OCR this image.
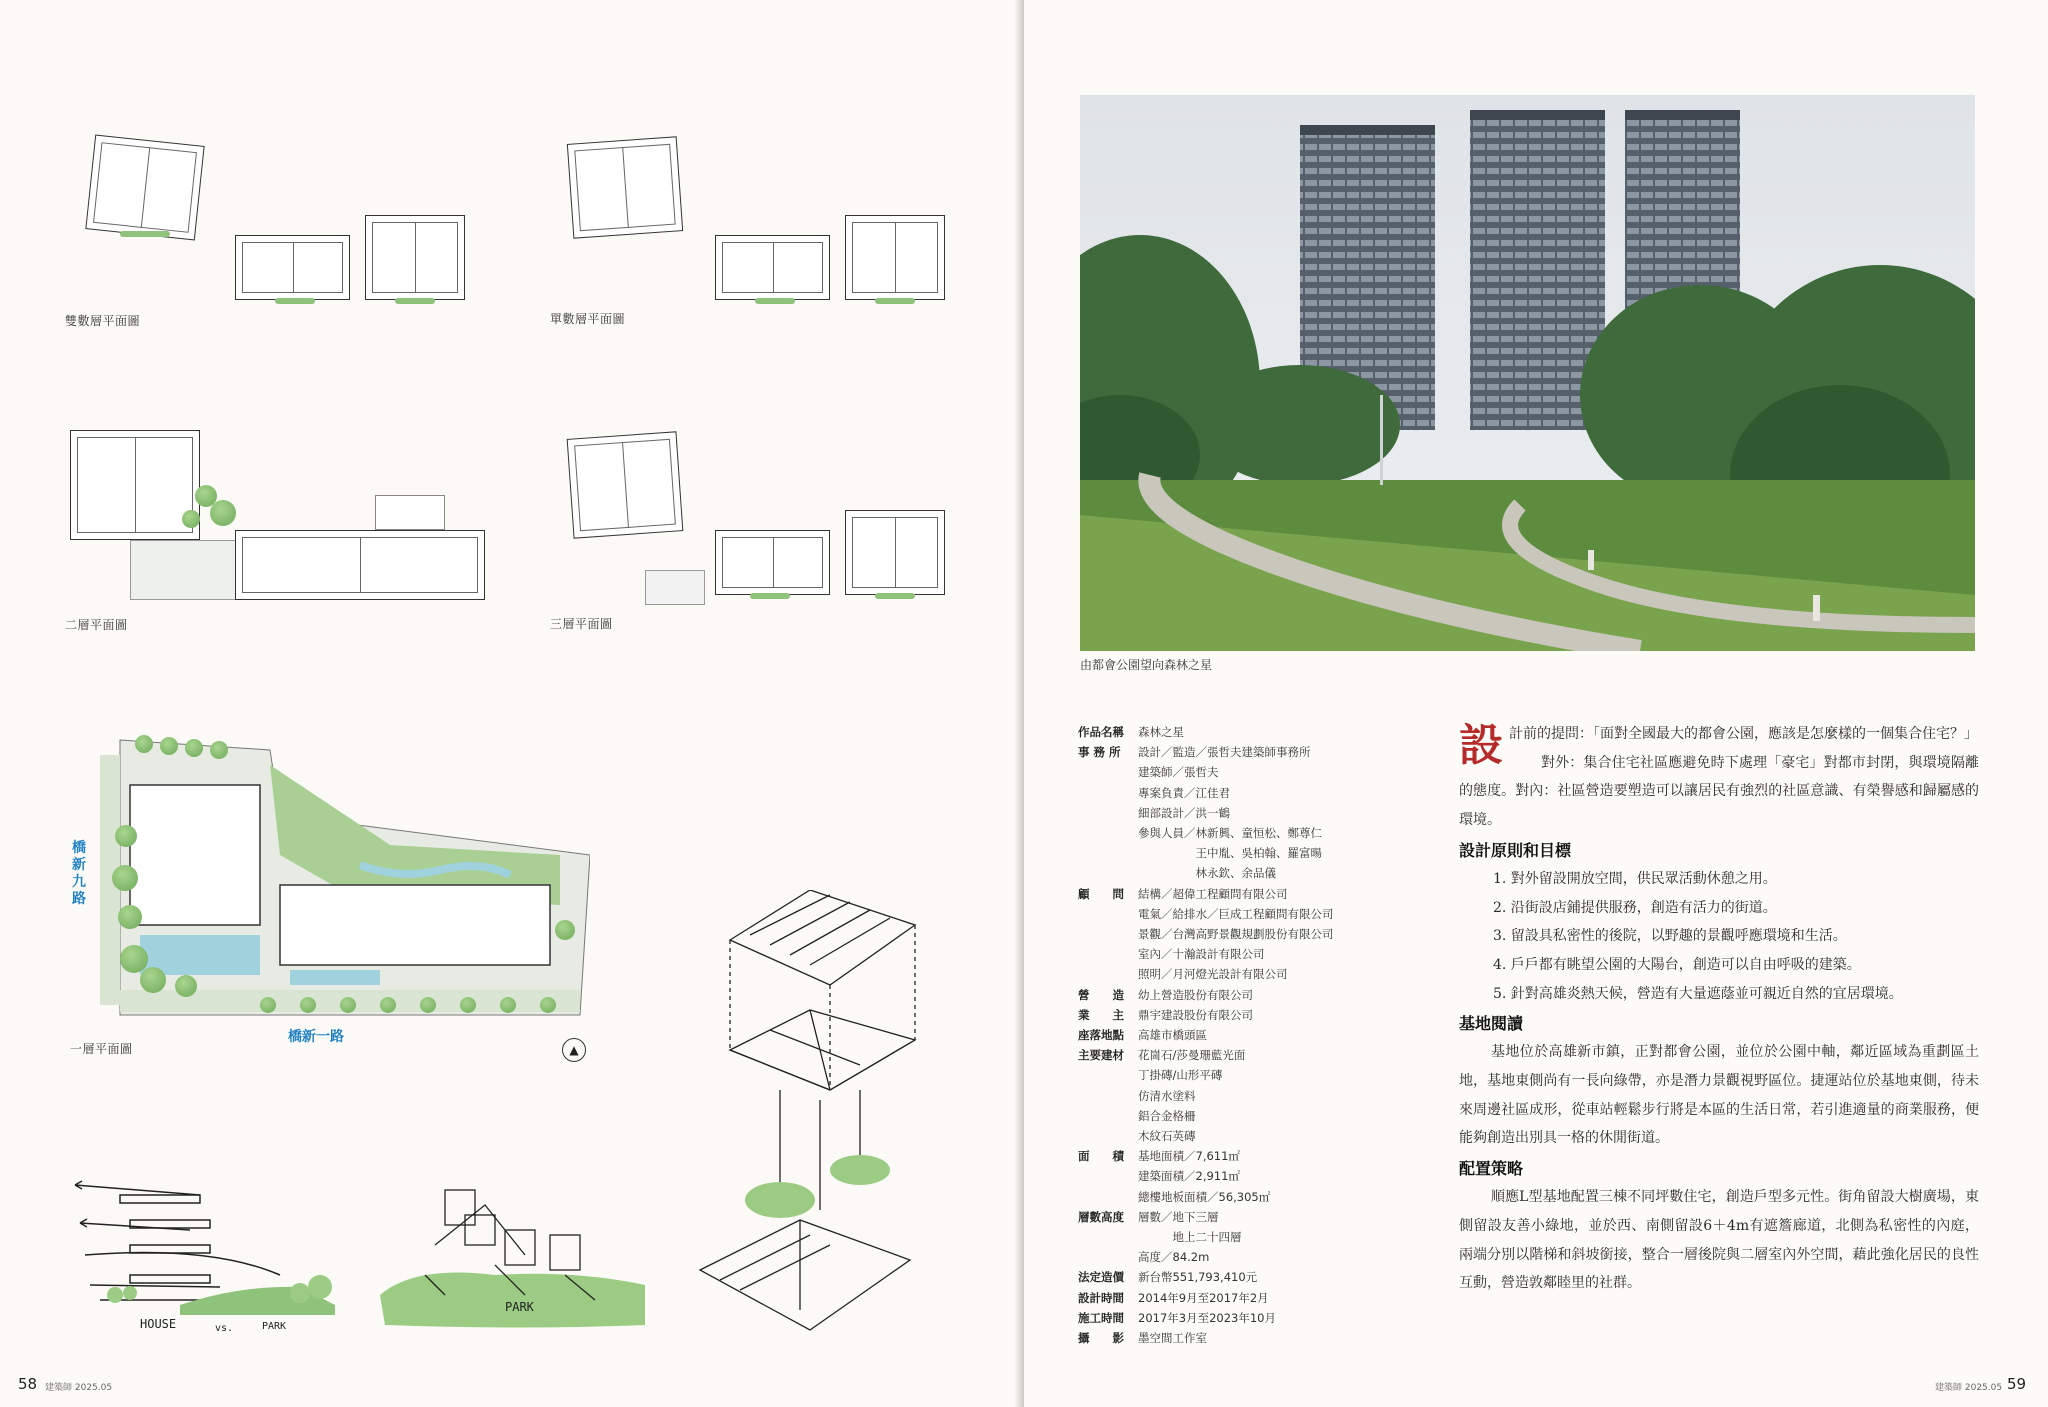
雙數層平面圖	單數層平面圖
二層平面圖	三層平面圖
橋新九路
橋新一路
▲
一層平面圖
HOUSE	vs.	PARK
PARK
58 建築師 2025.05
由都會公園望向森林之星
作品名稱	森林之星
事 務 所	設計／監造／張哲夫建築師事務所
建築師／張哲夫
專案負責／江佳君
細部設計／洪一鶴
參與人員／林新興、童恒松、鄭尊仁
　　　　　王中胤、吳柏翰、羅富暘
　　　　　林永欽、余品儀
顧　　問	結構／超偉工程顧問有限公司
電氣／給排水／巨成工程顧問有限公司
景觀／台灣高野景觀規劃股份有限公司
室內／十瀚設計有限公司
照明／月河燈光設計有限公司
營　　造	幼上營造股份有限公司
業　　主	鼎宇建設股份有限公司
座落地點	高雄市橋頭區
主要建材	花崗石/莎曼珊藍光面
丁掛磚/山形平磚
仿清水塗料
鋁合金格柵
木紋石英磚
面　　積	基地面積／7,611㎡
建築面積／2,911㎡
總樓地板面積／56,305㎡
層數高度	層數／地下三層
　　　地上二十四層
高度／84.2m
法定造價	新台幣551,793,410元
設計時間	2014年9月至2017年2月
施工時間	2017年3月至2023年10月
攝　　影	墨空間工作室

設計前的提問：「面對全國最大的都會公園，應該是怎麼樣的一個集合住宅？」

對外：集合住宅社區應避免時下處理「豪宅」對都市封閉，與環境隔離的態度。對內：社區營造要塑造可以讓居民有強烈的社區意識、有榮譽感和歸屬感的環境。

設計原則和目標

1. 對外留設開放空間，供民眾活動休憩之用。

2. 沿街設店鋪提供服務，創造有活力的街道。

3. 留設具私密性的後院，以野趣的景觀呼應環境和生活。

4. 戶戶都有眺望公園的大陽台，創造可以自由呼吸的建築。

5. 針對高雄炎熱天候，營造有大量遮蔭並可親近自然的宜居環境。

基地閱讀

基地位於高雄新市鎮，正對都會公園，並位於公園中軸，鄰近區域為重劃區土地，基地東側尚有一長向綠帶，亦是潛力景觀視野區位。捷運站位於基地東側，待未來周邊社區成形，從車站輕鬆步行將是本區的生活日常，若引進適量的商業服務，便能夠創造出別具一格的休閒街道。

配置策略

順應L型基地配置三棟不同坪數住宅，創造戶型多元性。街角留設大樹廣場，東側留設友善小綠地，並於西、南側留設6＋4m有遮簷廊道，北側為私密性的內庭，兩端分別以階梯和斜坡銜接，整合一層後院與二層室內外空間，藉此強化居民的良性互動，營造敦鄰睦里的社群。

建築師 2025.05 59
